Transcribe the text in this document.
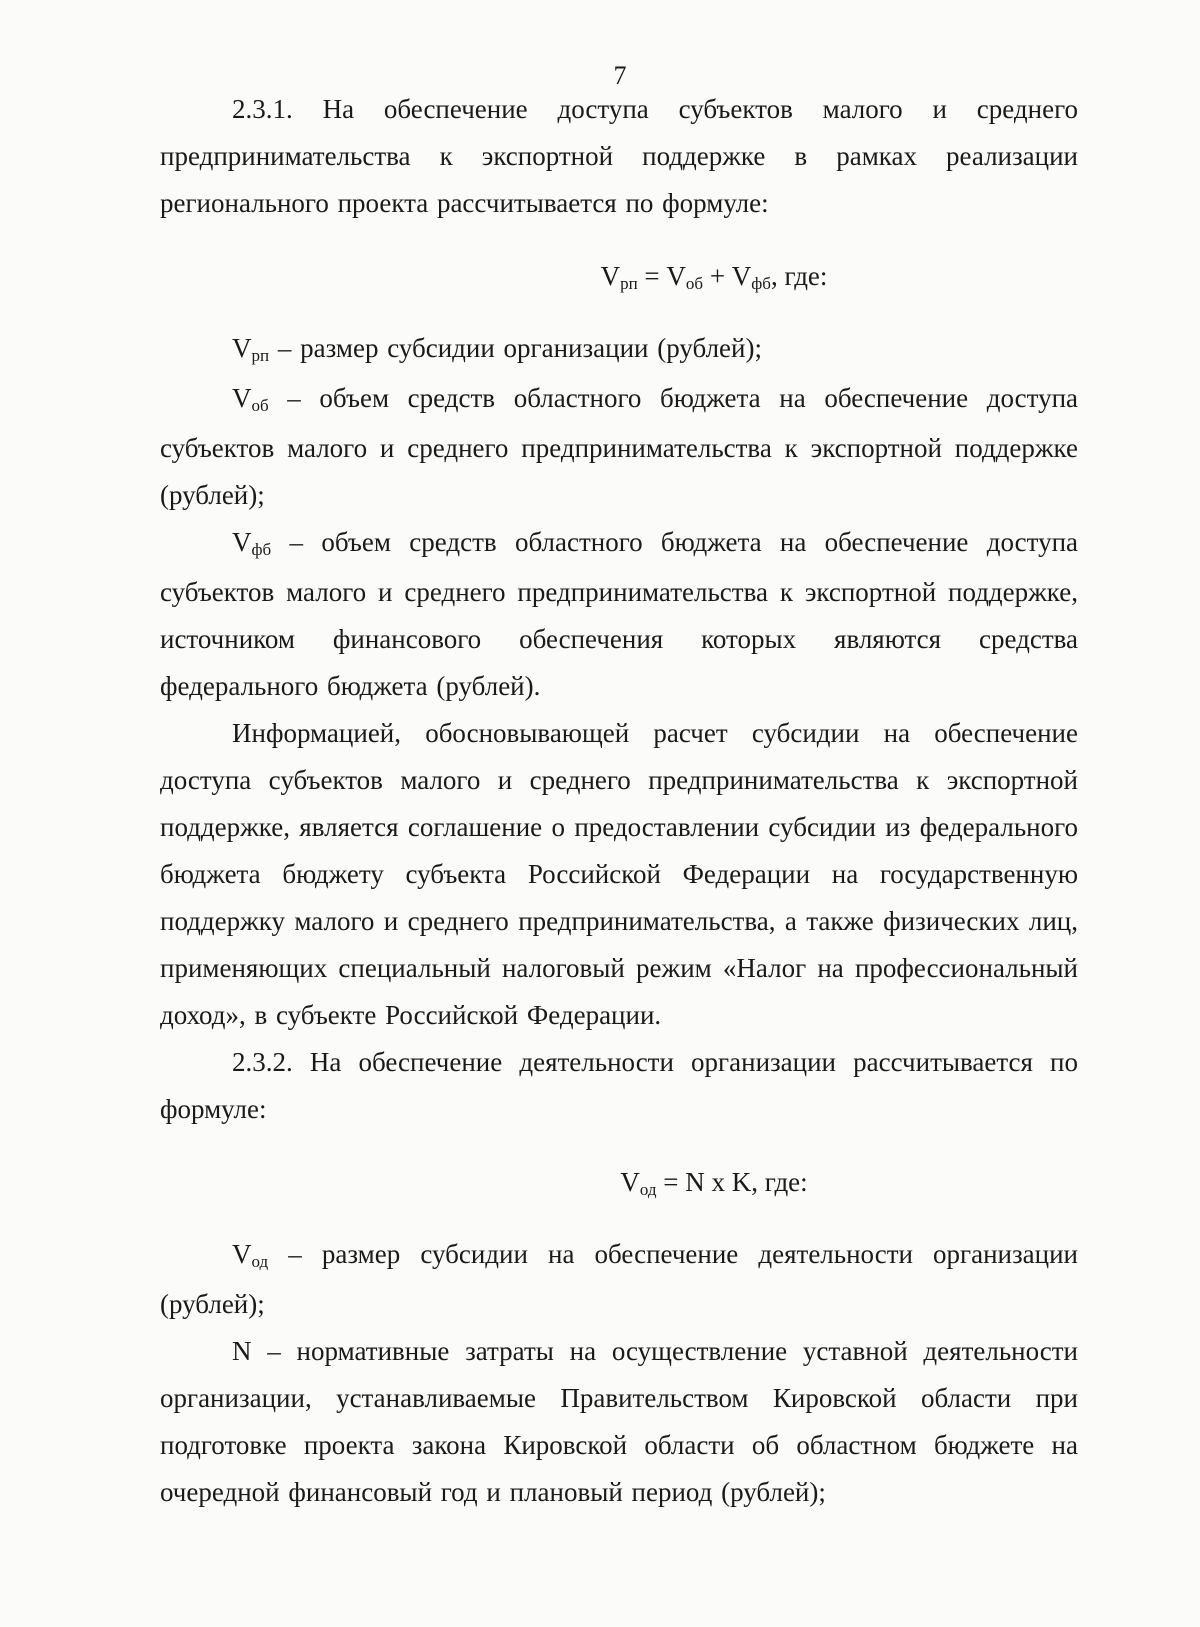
7

2.3.1. На обеспечение доступа субъектов малого и среднего предпринимательства к экспортной поддержке в рамках реализации регионального проекта рассчитывается по формуле:

Vрп = Vоб + Vфб, где:

Vрп – размер субсидии организации (рублей);

Vоб – объем средств областного бюджета на обеспечение доступа субъектов малого и среднего предпринимательства к экспортной поддержке (рублей);

Vфб – объем средств областного бюджета на обеспечение доступа субъектов малого и среднего предпринимательства к экспортной поддержке, источником финансового обеспечения которых являются средства федерального бюджета (рублей).

Информацией, обосновывающей расчет субсидии на обеспечение доступа субъектов малого и среднего предпринимательства к экспортной поддержке, является соглашение о предоставлении субсидии из федерального бюджета бюджету субъекта Российской Федерации на государственную поддержку малого и среднего предпринимательства, а также физических лиц, применяющих специальный налоговый режим «Налог на профессиональный доход», в субъекте Российской Федерации.

2.3.2. На обеспечение деятельности организации рассчитывается по формуле:

Vод = N х K, где:

Vод – размер субсидии на обеспечение деятельности организации (рублей);

N – нормативные затраты на осуществление уставной деятельности организации, устанавливаемые Правительством Кировской области при подготовке проекта закона Кировской области об областном бюджете на очередной финансовый год и плановый период (рублей);
